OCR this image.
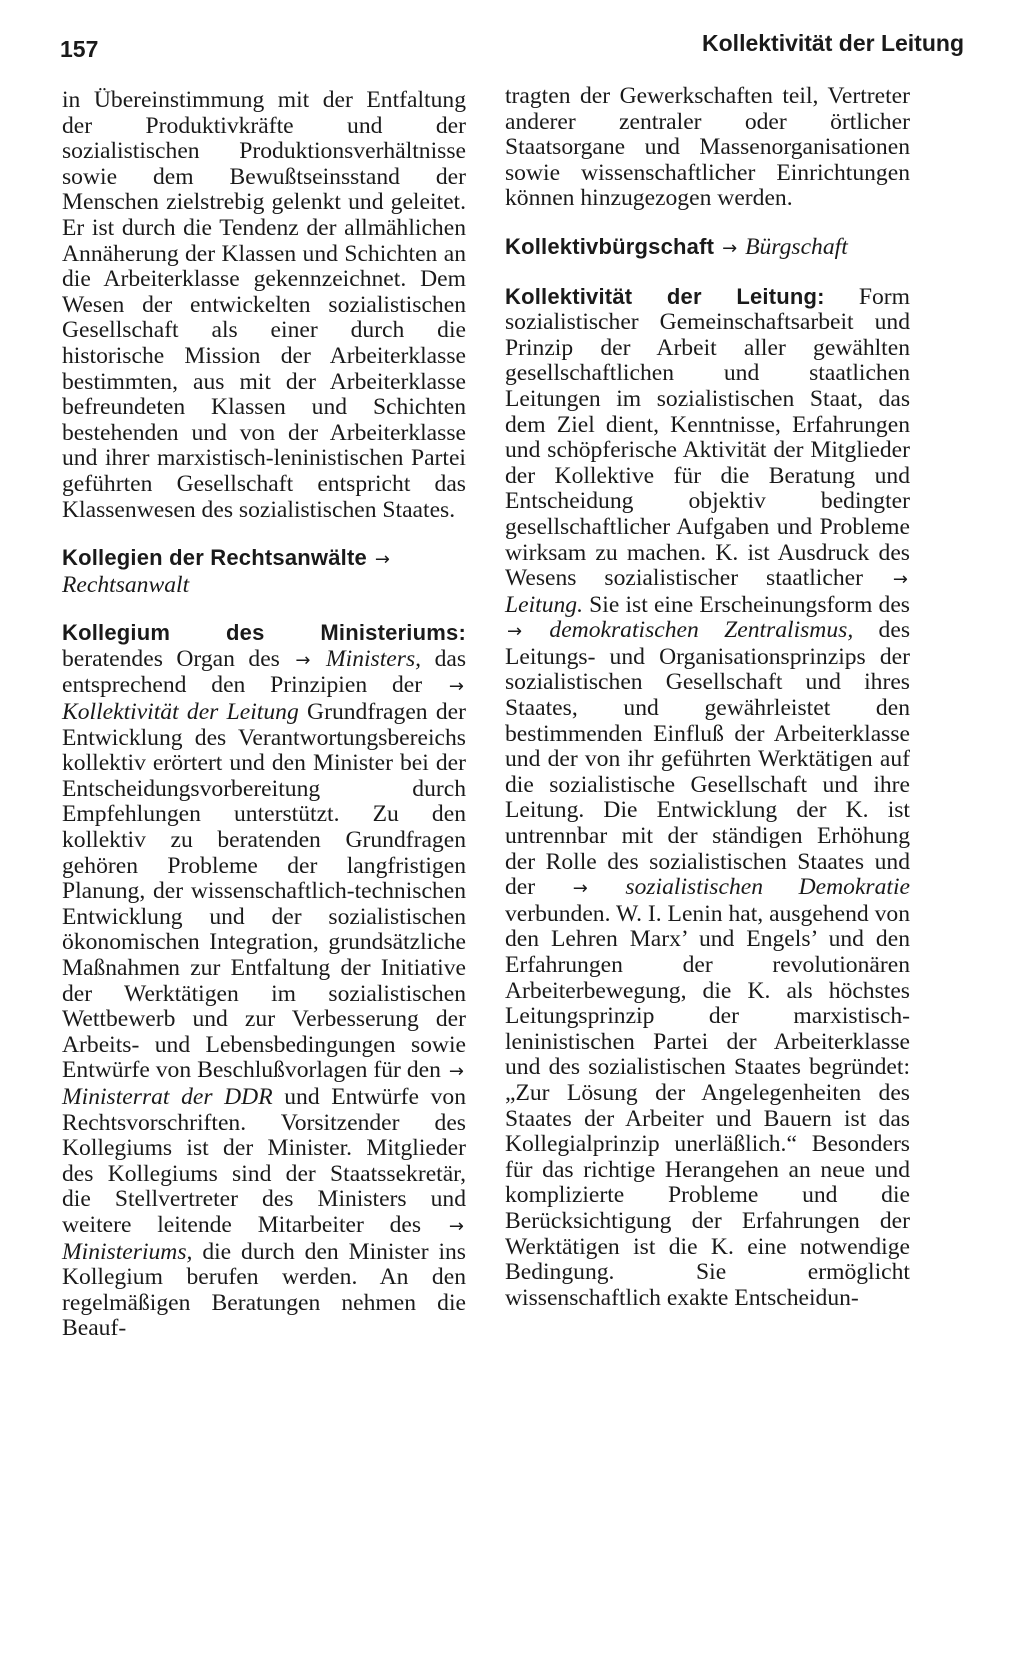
157	Kollektivität der Leitung

in Übereinstimmung mit der Entfaltung der Produktivkräfte und der sozialistischen Produktionsverhältnisse sowie dem Bewußtseinsstand der Menschen zielstrebig gelenkt und geleitet. Er ist durch die Tendenz der allmählichen Annäherung der Klassen und Schichten an die Arbeiterklasse gekennzeichnet. Dem Wesen der entwickelten sozialistischen Gesellschaft als einer durch die historische Mission der Arbeiterklasse bestimmten, aus mit der Arbeiterklasse befreundeten Klassen und Schichten bestehenden und von der Arbeiterklasse und ihrer marxistisch-leninistischen Partei geführten Gesellschaft entspricht das Klassenwesen des sozialistischen Staates.

Kollegien der Rechtsanwälte →
Rechtsanwalt

Kollegium des Ministeriums: beratendes Organ des → Ministers, das entsprechend den Prinzipien der → Kollektivität der Leitung Grundfragen der Entwicklung des Verantwortungsbereichs kollektiv erörtert und den Minister bei der Entscheidungsvorbereitung durch Empfehlungen unterstützt. Zu den kollektiv zu beratenden Grundfragen gehören Probleme der langfristigen Planung, der wissenschaftlich-technischen Entwicklung und der sozialistischen ökonomischen Integration, grundsätzliche Maßnahmen zur Entfaltung der Initiative der Werktätigen im sozialistischen Wettbewerb und zur Verbesserung der Arbeits- und Lebensbedingungen sowie Entwürfe von Beschlußvorlagen für den → Ministerrat der DDR und Entwürfe von Rechtsvorschriften. Vorsitzender des Kollegiums ist der Minister. Mitglieder des Kollegiums sind der Staatssekretär, die Stellvertreter des Ministers und weitere leitende Mitarbeiter des → Ministeriums, die durch den Minister ins Kollegium berufen werden. An den regelmäßigen Beratungen nehmen die Beauf-

tragten der Gewerkschaften teil, Vertreter anderer zentraler oder örtlicher Staatsorgane und Massenorganisationen sowie wissenschaftlicher Einrichtungen können hinzugezogen werden.

Kollektivbürgschaft → Bürgschaft

Kollektivität der Leitung: Form sozialistischer Gemeinschaftsarbeit und Prinzip der Arbeit aller gewählten gesellschaftlichen und staatlichen Leitungen im sozialistischen Staat, das dem Ziel dient, Kenntnisse, Erfahrungen und schöpferische Aktivität der Mitglieder der Kollektive für die Beratung und Entscheidung objektiv bedingter gesellschaftlicher Aufgaben und Probleme wirksam zu machen. K. ist Ausdruck des Wesens sozialistischer staatlicher → Leitung. Sie ist eine Erscheinungsform des → demokratischen Zentralismus, des Leitungs- und Organisationsprinzips der sozialistischen Gesellschaft und ihres Staates, und gewährleistet den bestimmenden Einfluß der Arbeiterklasse und der von ihr geführten Werktätigen auf die sozialistische Gesellschaft und ihre Leitung. Die Entwicklung der K. ist untrennbar mit der ständigen Erhöhung der Rolle des sozialistischen Staates und der → sozialistischen Demokratie verbunden. W. I. Lenin hat, ausgehend von den Lehren Marx’ und Engels’ und den Erfahrungen der revolutionären Arbeiterbewegung, die K. als höchstes Leitungsprinzip der marxistisch-leninistischen Partei der Arbeiterklasse und des sozialistischen Staates begründet: „Zur Lösung der Angelegenheiten des Staates der Arbeiter und Bauern ist das Kollegialprinzip unerläßlich.“ Besonders für das richtige Herangehen an neue und komplizierte Probleme und die Berücksichtigung der Erfahrungen der Werktätigen ist die K. eine notwendige Bedingung. Sie ermöglicht wissenschaftlich exakte Entscheidun-
